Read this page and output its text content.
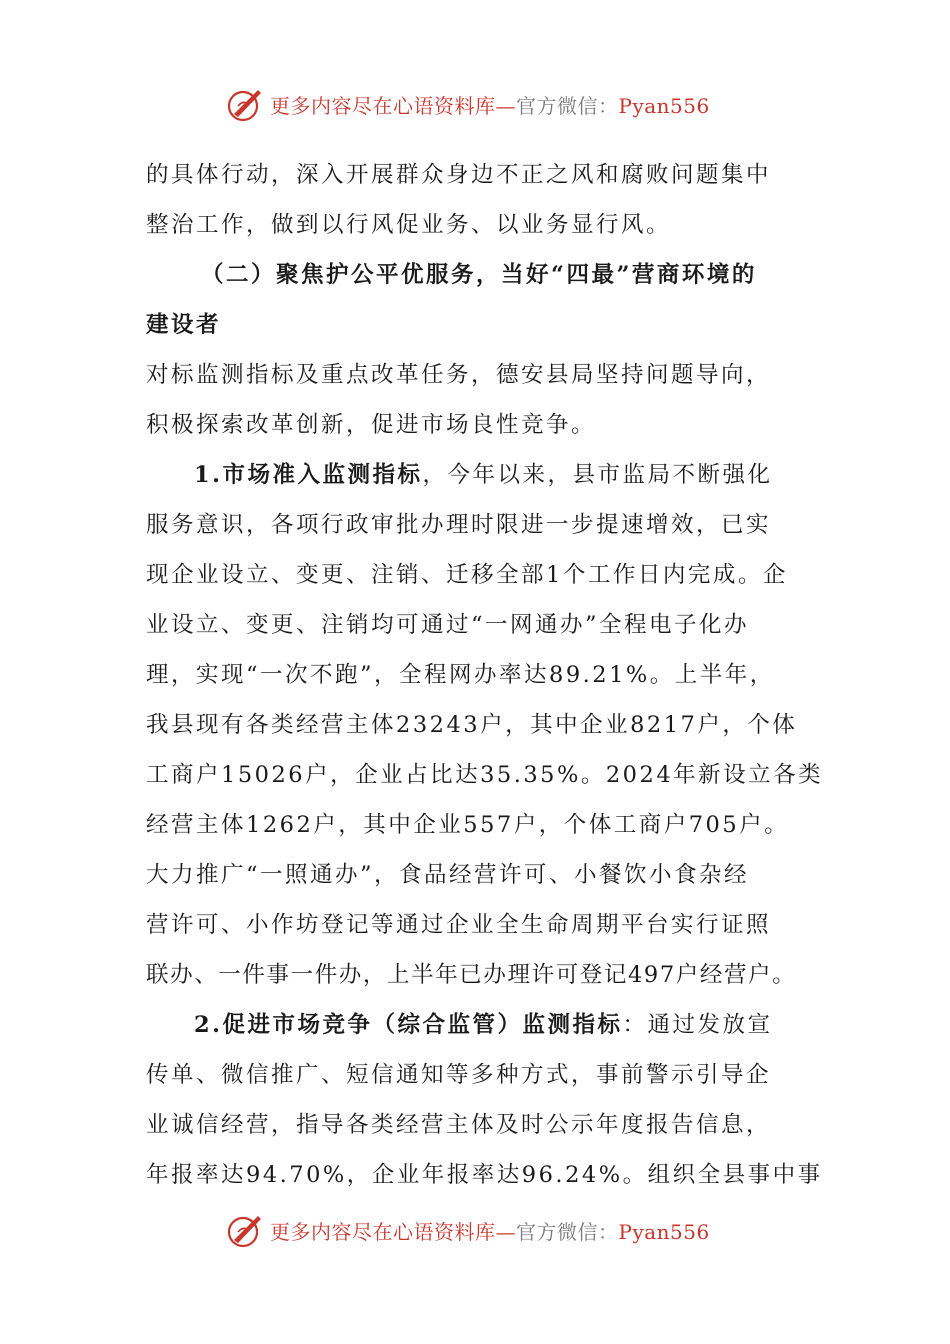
更多内容尽在心语资料库—官方微信：Pyan556
的具体行动，深入开展群众身边不正之风和腐败问题集中
整治工作，做到以行风促业务、以业务显行风。
（二）聚焦护公平优服务，当好“四最”营商环境的
建设者
对标监测指标及重点改革任务，德安县局坚持问题导向，
积极探索改革创新，促进市场良性竞争。
1.市场准入监测指标，今年以来，县市监局不断强化
服务意识，各项行政审批办理时限进一步提速增效，已实
现企业设立、变更、注销、迁移全部1个工作日内完成。企
业设立、变更、注销均可通过“一网通办”全程电子化办
理，实现“一次不跑”，全程网办率达89.21%。上半年，
我县现有各类经营主体23243户，其中企业8217户，个体
工商户15026户，企业占比达35.35%。2024年新设立各类
经营主体1262户，其中企业557户，个体工商户705户。
大力推广“一照通办”，食品经营许可、小餐饮小食杂经
营许可、小作坊登记等通过企业全生命周期平台实行证照
联办、一件事一件办，上半年已办理许可登记497户经营户。
2.促进市场竞争（综合监管）监测指标：通过发放宣
传单、微信推广、短信通知等多种方式，事前警示引导企
业诚信经营，指导各类经营主体及时公示年度报告信息，
年报率达94.70%，企业年报率达96.24%。组织全县事中事
更多内容尽在心语资料库—官方微信：Pyan556
